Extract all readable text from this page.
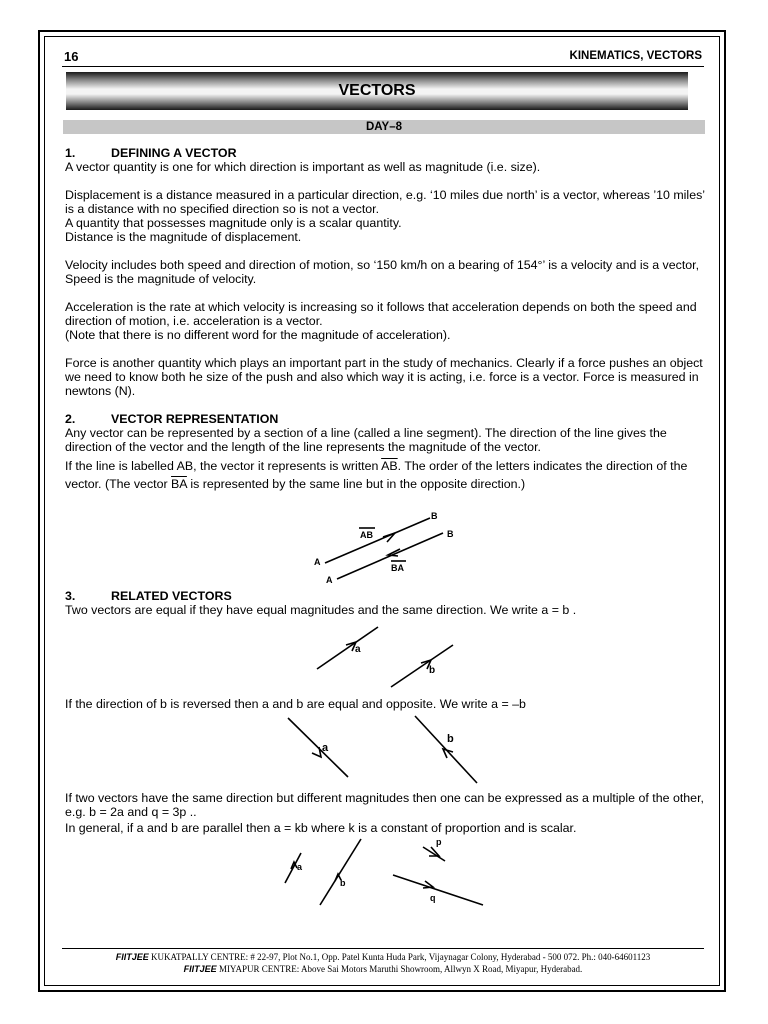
16	KINEMATICS, VECTORS
VECTORS
DAY–8
1.	DEFINING A VECTOR

A vector quantity is one for which direction is important as well as magnitude (i.e. size).

Displacement is a distance measured in a particular direction, e.g. ‘10 miles due north’ is a vector, whereas ’10 miles’ is a distance with no specified direction so is not a vector.

A quantity that possesses magnitude only is a scalar quantity.

Distance is the magnitude of displacement.

Velocity includes both speed and direction of motion, so ‘150 km/h on a bearing of 154°’ is a velocity and is a vector, Speed is the magnitude of velocity.

Acceleration is the rate at which velocity is increasing so it follows that acceleration depends on both the speed and direction of motion, i.e. acceleration is a vector.

(Note that there is no different word for the magnitude of acceleration).

Force is another quantity which plays an important part in the study of mechanics. Clearly if a force pushes an object we need to know both he size of the push and also which way it is acting, i.e. force is a vector. Force is measured in newtons (N).

2.	VECTOR REPRESENTATION

Any vector can be represented by a section of a line (called a line segment). The direction of the line gives the direction of the vector and the length of the line represents the magnitude of the vector.

If the line is labelled AB, the vector it represents is written $\overline{AB}$. The order of the letters indicates the direction of the vector. (The vector $\overline{BA}$ is represented by the same line but in the opposite direction.)

AB
BA
A
A
B
B
3.	RELATED VECTORS

Two vectors are equal if they have equal magnitudes and the same direction. We write a = b .

a
b

If the direction of b is reversed then a and b are equal and opposite. We write a = –b

a
b

If two vectors have the same direction but different magnitudes then one can be expressed as a multiple of the other, e.g. b = 2a and q = 3p ..

In general, if a and b are parallel then a = kb where k is a constant of proportion and is scalar.

a
b
p
q
FIITJEE KUKATPALLY CENTRE: # 22-97, Plot No.1, Opp. Patel Kunta Huda Park, Vijaynagar Colony, Hyderabad - 500 072. Ph.: 040-64601123
FIITJEE MIYAPUR CENTRE: Above Sai Motors Maruthi Showroom, Allwyn X Road, Miyapur, Hyderabad.
